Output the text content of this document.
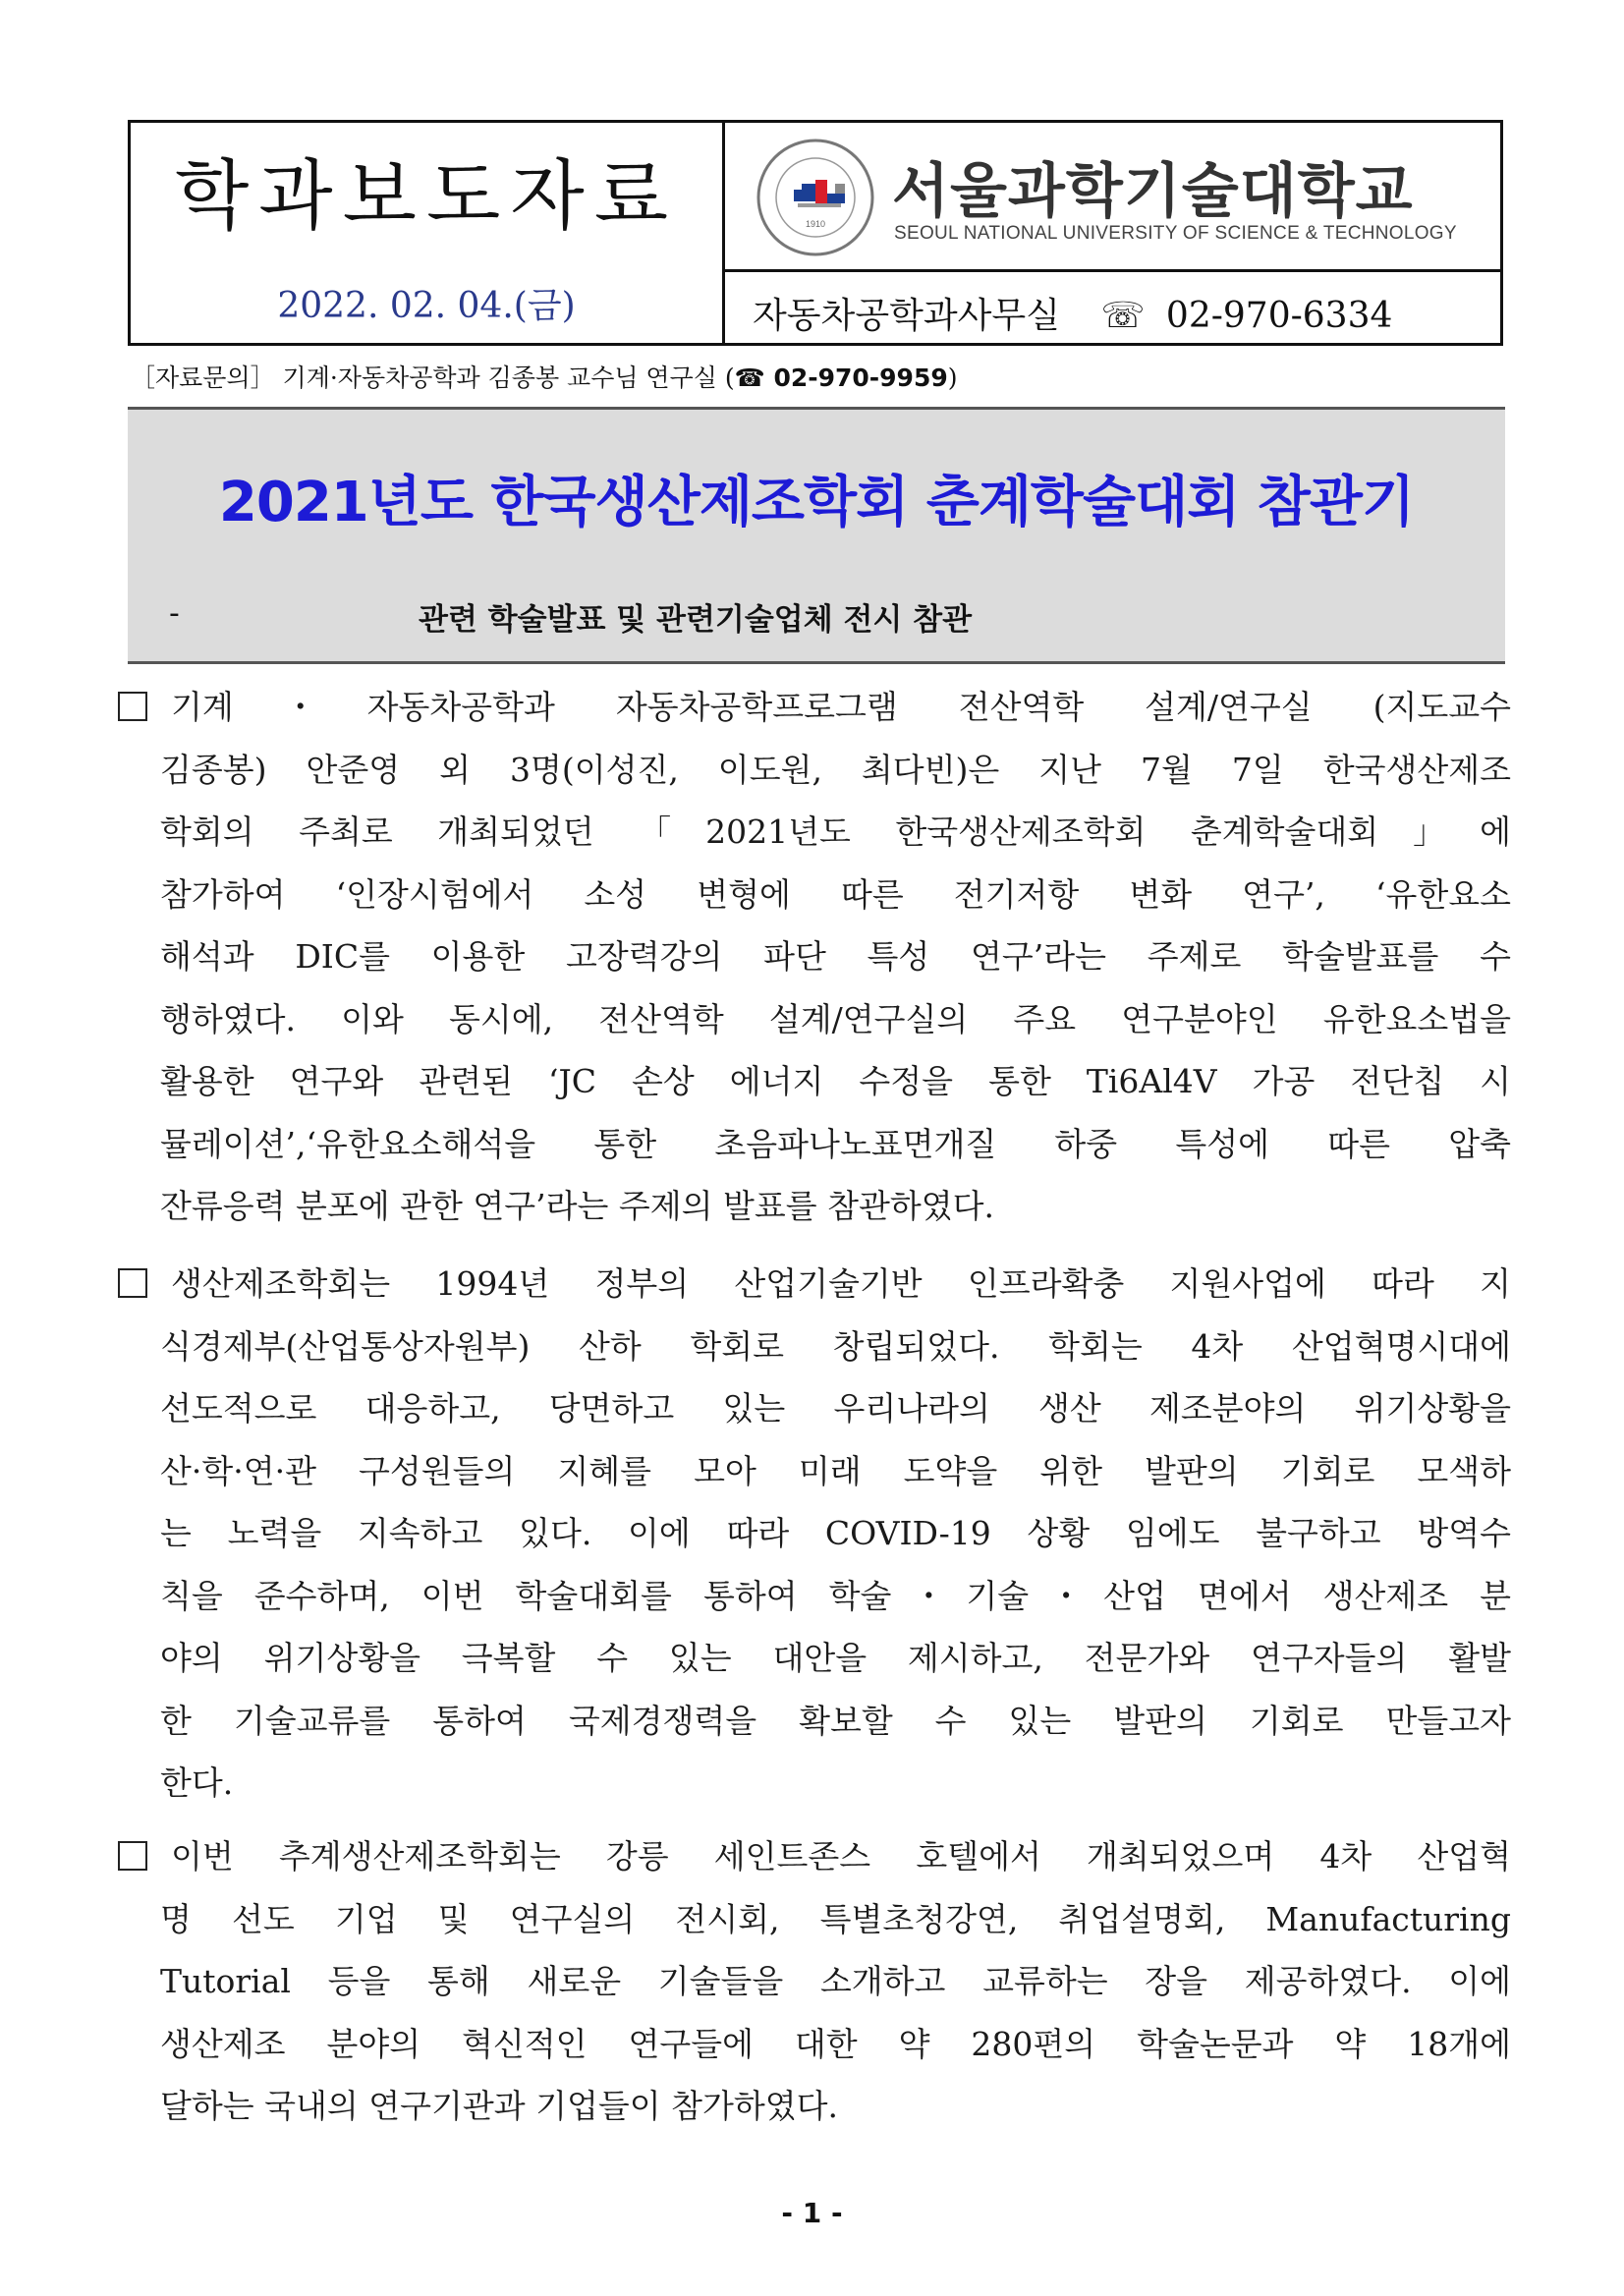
학과보도자료
2022. 02. 04.(금)
1910 서울과학기술대학교
SEOUL NATIONAL UNIVERSITY OF SCIENCE & TECHNOLOGY
자동차공학과사무실 ☏ 02-970-6334
［자료문의］ 기계·자동차공학과 김종봉 교수님 연구실 (☎ 02-970-9959)
2021년도 한국생산제조학회 춘계학술대회 참관기
-	관련 학술발표 및 관련기술업체 전시 참관
기계・자동차공학과 자동차공학프로그램 전산역학 설계/연구실 (지도교수
김종봉) 안준영 외 3명(이성진, 이도원, 최다빈)은 지난 7월 7일 한국생산제조
학회의 주최로 개최되었던 「2021년도 한국생산제조학회 춘계학술대회」에
참가하여 ‘인장시험에서 소성 변형에 따른 전기저항 변화 연구’, ‘유한요소
해석과 DIC를 이용한 고장력강의 파단 특성 연구’라는 주제로 학술발표를 수
행하였다. 이와 동시에, 전산역학 설계/연구실의 주요 연구분야인 유한요소법을
활용한 연구와 관련된 ‘JC 손상 에너지 수정을 통한 Ti6Al4V 가공 전단칩 시
뮬레이션’,‘유한요소해석을 통한 초음파나노표면개질 하중 특성에 따른 압축
잔류응력 분포에 관한 연구’라는 주제의 발표를 참관하였다.
생산제조학회는 1994년 정부의 산업기술기반 인프라확충 지원사업에 따라 지
식경제부(산업통상자원부) 산하 학회로 창립되었다. 학회는 4차 산업혁명시대에
선도적으로 대응하고, 당면하고 있는 우리나라의 생산 제조분야의 위기상황을
산·학·연·관 구성원들의 지혜를 모아 미래 도약을 위한 발판의 기회로 모색하
는 노력을 지속하고 있다. 이에 따라 COVID-19 상황 임에도 불구하고 방역수
칙을 준수하며, 이번 학술대회를 통하여 학술・기술・산업 면에서 생산제조 분
야의 위기상황을 극복할 수 있는 대안을 제시하고, 전문가와 연구자들의 활발
한 기술교류를 통하여 국제경쟁력을 확보할 수 있는 발판의 기회로 만들고자
한다.
이번 추계생산제조학회는 강릉 세인트존스 호텔에서 개최되었으며 4차 산업혁
명 선도 기업 및 연구실의 전시회, 특별초청강연, 취업설명회, Manufacturing
Tutorial 등을 통해 새로운 기술들을 소개하고 교류하는 장을 제공하였다. 이에
생산제조 분야의 혁신적인 연구들에 대한 약 280편의 학술논문과 약 18개에
달하는 국내의 연구기관과 기업들이 참가하였다.
- 1 -
